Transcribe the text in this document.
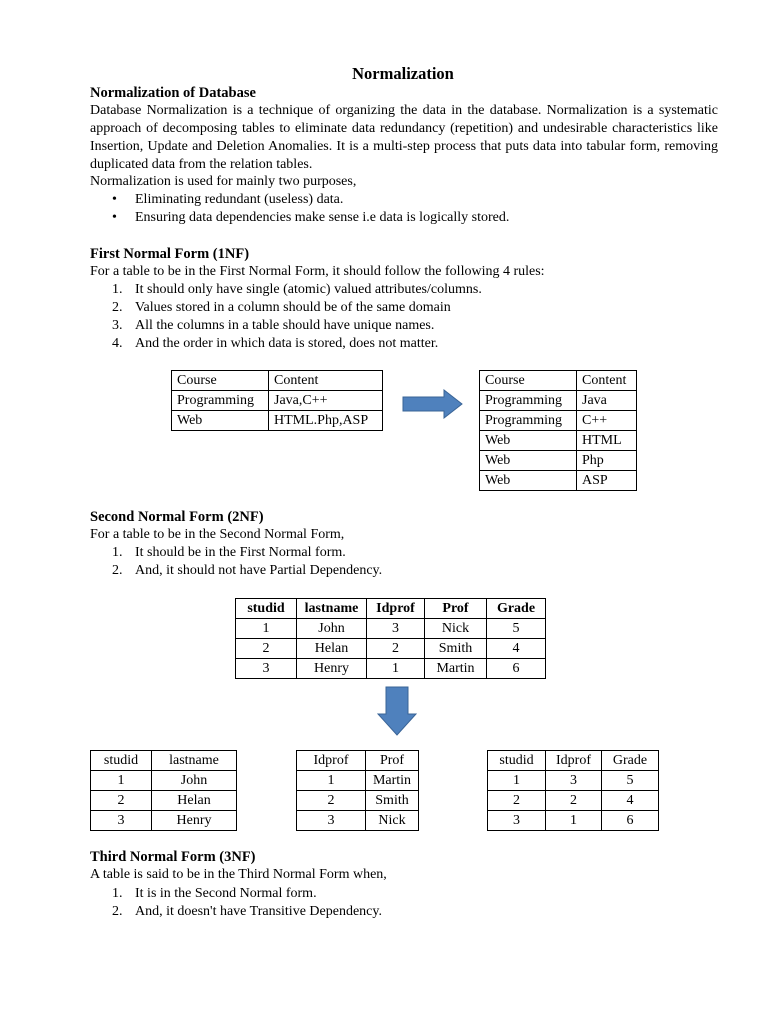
Normalization
Normalization of Database

Database Normalization is a technique of organizing the data in the database. Normalization is a systematic approach of decomposing tables to eliminate data redundancy (repetition) and undesirable characteristics like Insertion, Update and Deletion Anomalies. It is a multi-step process that puts data into tabular form, removing duplicated data from the relation tables.

Normalization is used for mainly two purposes,
• Eliminating redundant (useless) data.
• Ensuring data dependencies make sense i.e data is logically stored.
First Normal Form (1NF)
For a table to be in the First Normal Form, it should follow the following 4 rules:
1. It should only have single (atomic) valued attributes/columns.
2. Values stored in a column should be of the same domain
3. All the columns in a table should have unique names.
4. And the order in which data is stored, does not matter.
Course	Content
Programming	Java,C++
Web	HTML.Php,ASP
Course	Content
Programming	Java
Programming	C++
Web	HTML
Web	Php
Web	ASP
Second Normal Form (2NF)
For a table to be in the Second Normal Form,
1. It should be in the First Normal form.
2. And, it should not have Partial Dependency.
studid	lastname	Idprof	Prof	Grade
1	John	3	Nick	5
2	Helan	2	Smith	4
3	Henry	1	Martin	6
studid	lastname
1	John
2	Helan
3	Henry
Idprof	Prof
1	Martin
2	Smith
3	Nick
studid	Idprof	Grade
1	3	5
2	2	4
3	1	6
Third Normal Form (3NF)
A table is said to be in the Third Normal Form when,
1. It is in the Second Normal form.
2. And, it doesn't have Transitive Dependency.
